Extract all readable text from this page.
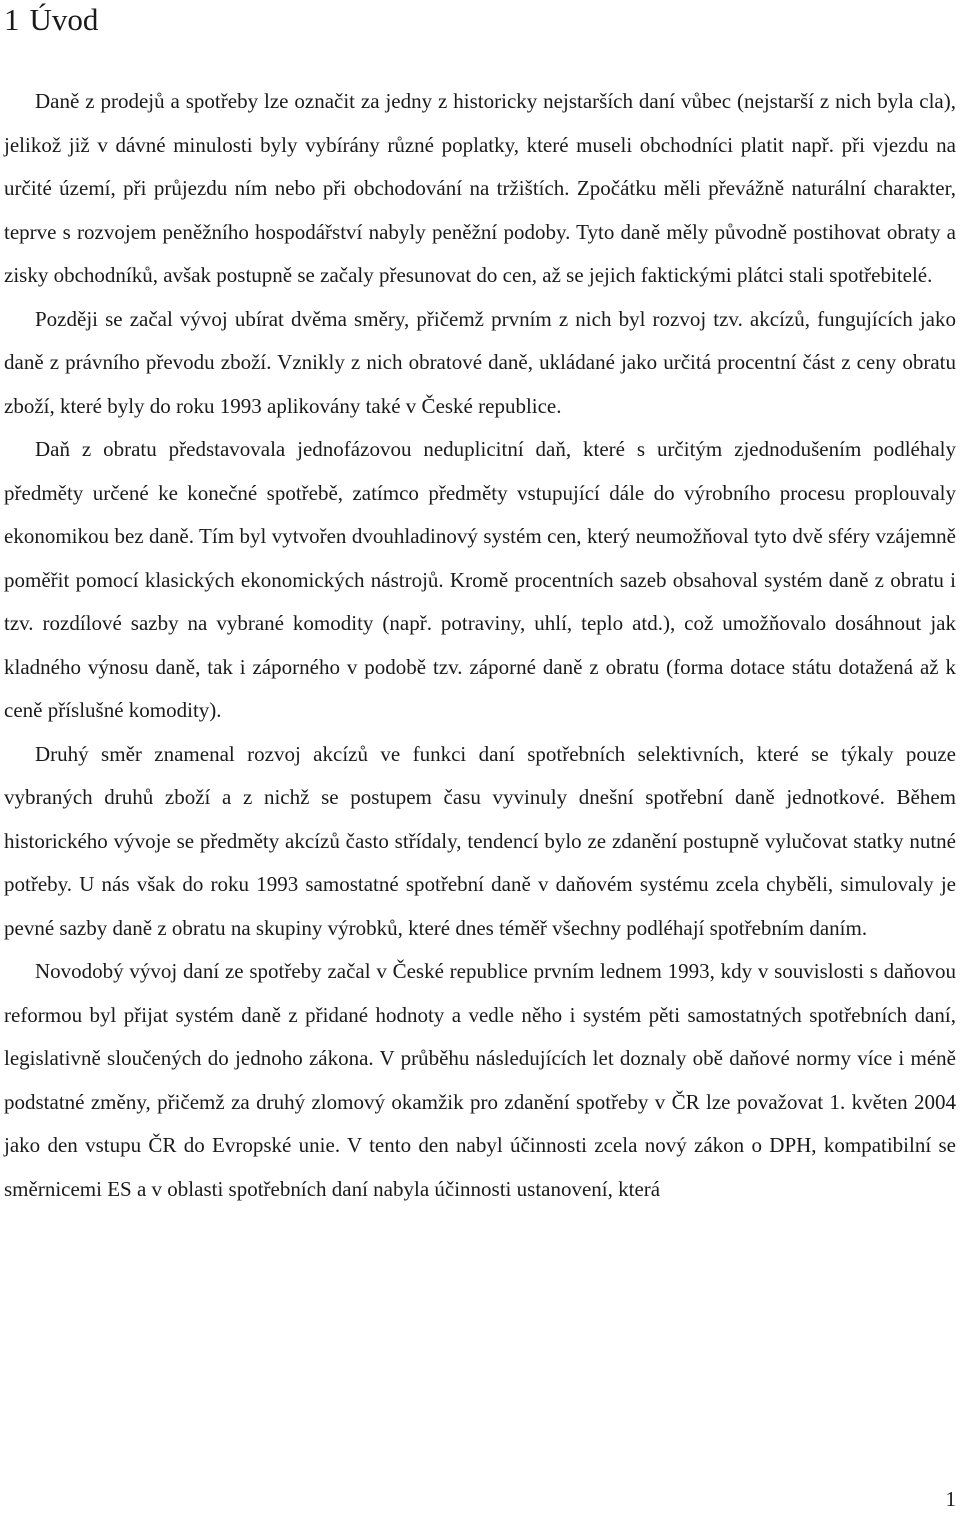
1 Úvod

Daně z prodejů a spotřeby lze označit za jedny z historicky nejstarších daní vůbec (nejstarší z nich byla cla), jelikož již v dávné minulosti byly vybírány různé poplatky, které museli obchodníci platit např. při vjezdu na určité území, při průjezdu ním nebo při obchodování na tržištích. Zpočátku měli převážně naturální charakter, teprve s rozvojem peněžního hospodářství nabyly peněžní podoby. Tyto daně měly původně postihovat obraty a zisky obchodníků, avšak postupně se začaly přesunovat do cen, až se jejich faktickými plátci stali spotřebitelé.

Později se začal vývoj ubírat dvěma směry, přičemž prvním z nich byl rozvoj tzv. akcízů, fungujících jako daně z právního převodu zboží. Vznikly z nich obratové daně, ukládané jako určitá procentní část z ceny obratu zboží, které byly do roku 1993 aplikovány také v České republice.

Daň z obratu představovala jednofázovou neduplicitní daň, které s určitým zjednodušením podléhaly předměty určené ke konečné spotřebě, zatímco předměty vstupující dále do výrobního procesu proplouvaly ekonomikou bez daně. Tím byl vytvořen dvouhladinový systém cen, který neumožňoval tyto dvě sféry vzájemně poměřit pomocí klasických ekonomických nástrojů. Kromě procentních sazeb obsahoval systém daně z obratu i tzv. rozdílové sazby na vybrané komodity (např. potraviny, uhlí, teplo atd.), což umožňovalo dosáhnout jak kladného výnosu daně, tak i záporného v podobě tzv. záporné daně z obratu (forma dotace státu dotažená až k ceně příslušné komodity).

Druhý směr znamenal rozvoj akcízů ve funkci daní spotřebních selektivních, které se týkaly pouze vybraných druhů zboží a z nichž se postupem času vyvinuly dnešní spotřební daně jednotkové. Během historického vývoje se předměty akcízů často střídaly, tendencí bylo ze zdanění postupně vylučovat statky nutné potřeby. U nás však do roku 1993 samostatné spotřební daně v daňovém systému zcela chyběli, simulovaly je pevné sazby daně z obratu na skupiny výrobků, které dnes téměř všechny podléhají spotřebním daním.

Novodobý vývoj daní ze spotřeby začal v České republice prvním lednem 1993, kdy v souvislosti s daňovou reformou byl přijat systém daně z přidané hodnoty a vedle něho i systém pěti samostatných spotřebních daní, legislativně sloučených do jednoho zákona. V průběhu následujících let doznaly obě daňové normy více i méně podstatné změny, přičemž za druhý zlomový okamžik pro zdanění spotřeby v ČR lze považovat 1. květen 2004 jako den vstupu ČR do Evropské unie. V tento den nabyl účinnosti zcela nový zákon o DPH, kompatibilní se směrnicemi ES a v oblasti spotřebních daní nabyla účinnosti ustanovení, která

1
